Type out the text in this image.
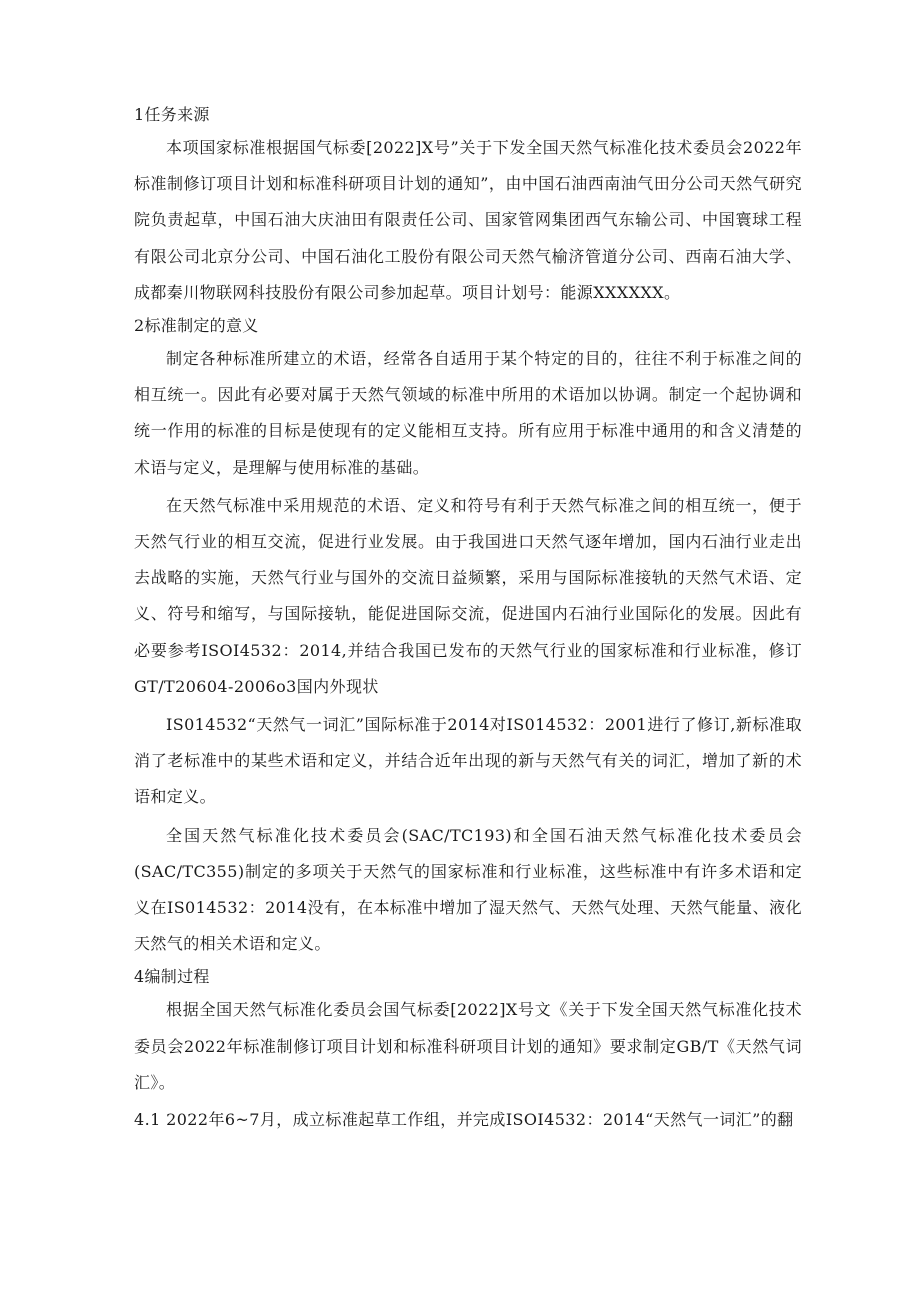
1任务来源

本项国家标准根据国气标委[2022]X号”关于下发全国天然气标准化技术委员会2022年标准制修订项目计划和标准科研项目计划的通知”，由中国石油西南油气田分公司天然气研究院负责起草，中国石油大庆油田有限责任公司、国家管网集团西气东输公司、中国寰球工程有限公司北京分公司、中国石油化工股份有限公司天然气榆济管道分公司、西南石油大学、成都秦川物联网科技股份有限公司参加起草。项目计划号：能源XXXXXX。

2标准制定的意义

制定各种标准所建立的术语，经常各自适用于某个特定的目的，往往不利于标准之间的相互统一。因此有必要对属于天然气领域的标准中所用的术语加以协调。制定一个起协调和统一作用的标准的目标是使现有的定义能相互支持。所有应用于标准中通用的和含义清楚的术语与定义，是理解与使用标准的基础。

在天然气标准中采用规范的术语、定义和符号有利于天然气标准之间的相互统一，便于天然气行业的相互交流，促进行业发展。由于我国进口天然气逐年增加，国内石油行业走出去战略的实施，天然气行业与国外的交流日益频繁，采用与国际标准接轨的天然气术语、定义、符号和缩写，与国际接轨，能促进国际交流，促进国内石油行业国际化的发展。因此有必要参考ISOI4532：2014,并结合我国已发布的天然气行业的国家标准和行业标准，修订GT/T20604-2006o3国内外现状

IS014532“天然气一词汇”国际标准于2014对IS014532：2001进行了修订,新标准取消了老标准中的某些术语和定义，并结合近年出现的新与天然气有关的词汇，增加了新的术语和定义。

全国天然气标准化技术委员会(SAC/TC193)和全国石油天然气标准化技术委员会(SAC/TC355)制定的多项关于天然气的国家标准和行业标准，这些标准中有许多术语和定义在IS014532：2014没有，在本标准中增加了湿天然气、天然气处理、天然气能量、液化天然气的相关术语和定义。

4编制过程

根据全国天然气标准化委员会国气标委[2022]X号文《关于下发全国天然气标准化技术委员会2022年标准制修订项目计划和标准科研项目计划的通知》要求制定GB/T《天然气词汇》。

4.1 2022年6~7月，成立标准起草工作组，并完成ISOI4532：2014“天然气一词汇”的翻
